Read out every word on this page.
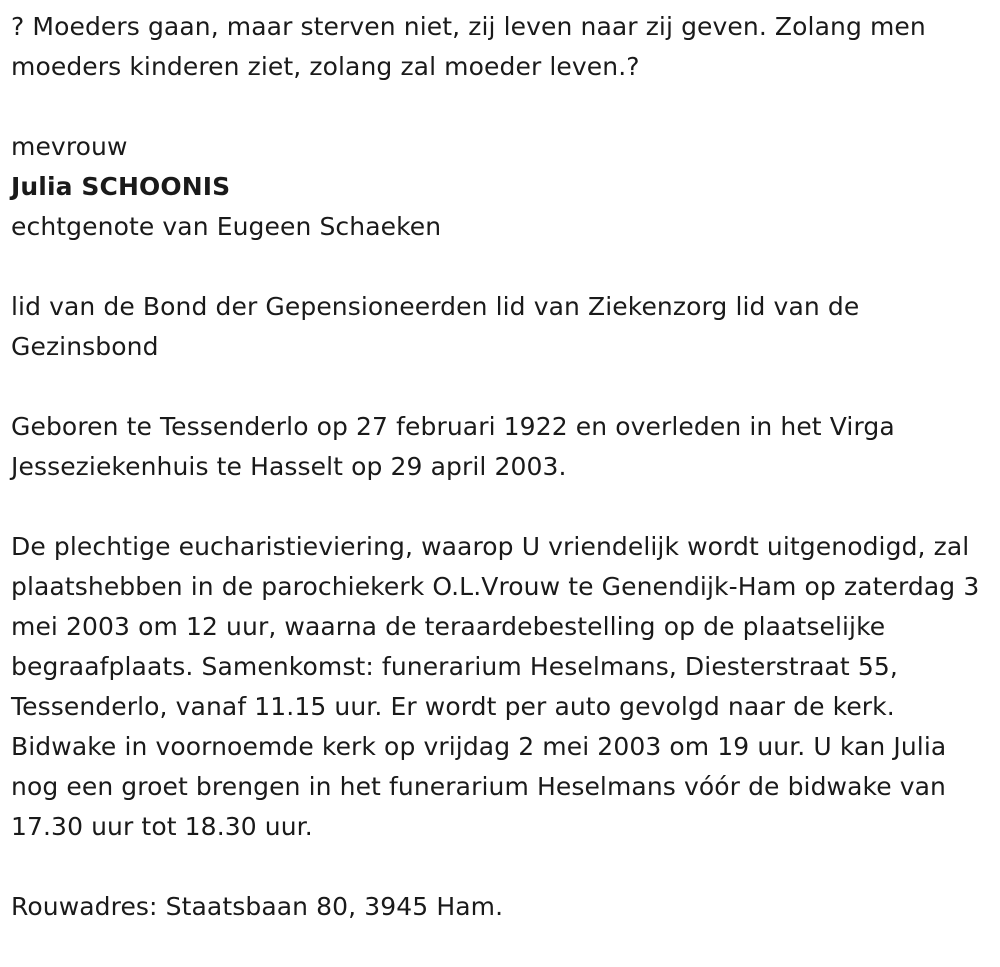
? Moeders gaan, maar sterven niet, zij leven naar zij geven. Zolang men moeders kinderen ziet, zolang zal moeder leven.?
mevrouw
Julia SCHOONIS
echtgenote van Eugeen Schaeken
lid van de Bond der Gepensioneerden lid van Ziekenzorg lid van de Gezinsbond
Geboren te Tessenderlo op 27 februari 1922 en overleden in het Virga Jesseziekenhuis te Hasselt op 29 april 2003.
De plechtige eucharistieviering, waarop U vriendelijk wordt uitgenodigd, zal plaatshebben in de parochiekerk O.L.Vrouw te Genendijk-Ham op zaterdag 3 mei 2003 om 12 uur, waarna de teraardebestelling op de plaatselijke begraafplaats. Samenkomst: funerarium Heselmans, Diesterstraat 55, Tessenderlo, vanaf 11.15 uur. Er wordt per auto gevolgd naar de kerk. Bidwake in voornoemde kerk op vrijdag 2 mei 2003 om 19 uur. U kan Julia nog een groet brengen in het funerarium Heselmans vóór de bidwake van 17.30 uur tot 18.30 uur.
Rouwadres: Staatsbaan 80, 3945 Ham.
